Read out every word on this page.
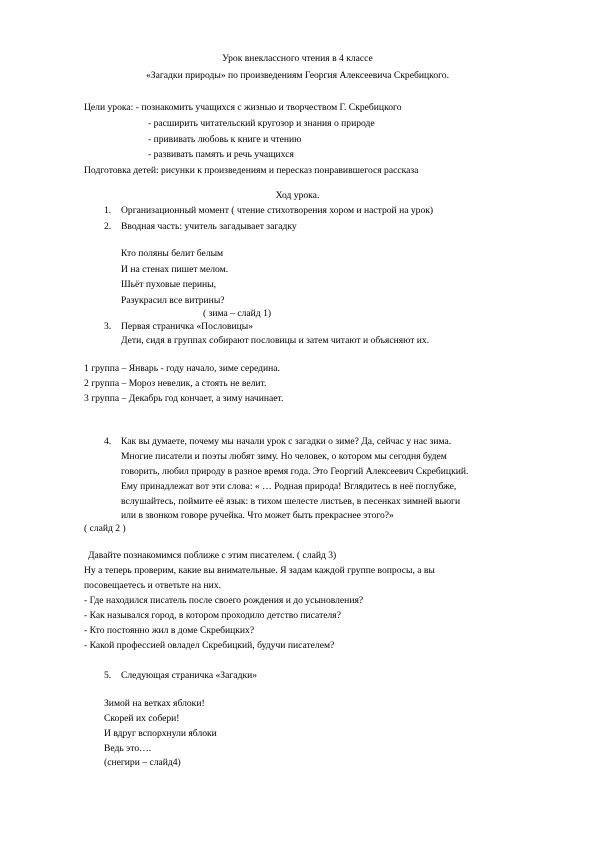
Урок внеклассного чтения в 4 классе
«Загадки природы» по произведениям Георгия Алексеевича Скребицкого.
Цели урока: - познакомить учащихся с жизнью и творчеством Г. Скребицкого
- расширить читательский кругозор и знания о природе
- прививать любовь к книге и чтению
- развивать память и речь учащихся
Подготовка детей: рисунки к произведениям и пересказ понравившегося рассказа
Ход урока.
1. Организационный момент ( чтение стихотворения хором и настрой на урок)
2. Вводная часть: учитель загадывает загадку
Кто поляны белит белым
И на стенах пишет мелом.
Шьёт пуховые перины,
Разукрасил все витрины?
( зима – слайд 1)
3. Первая страничка «Пословицы»
Дети, сидя в группах собирают пословицы и затем читают и объясняют их.
1 группа – Январь - году начало, зиме середина.
2 группа – Мороз невелик, а стоять не велит.
3 группа – Декабрь год кончает, а зиму начинает.
4. Как вы думаете, почему мы начали урок с загадки о зиме? Да, сейчас у нас зима.
Многие писатели и поэты любят зиму. Но человек, о котором мы сегодня будем
говорить, любил природу в разное время года. Это Георгий Алексеевич Скребицкий.
Ему принадлежат вот эти слова: « … Родная природа! Вглядитесь в неё поглубже,
вслушайтесь, поймите её язык: в тихом шелесте листьев, в песенках зимней вьюги
или в звонком говоре ручейка. Что может быть прекраснее этого?»
( слайд 2 )
Давайте познакомимся поближе с этим писателем. ( слайд 3)
Ну а теперь проверим, какие вы внимательные. Я задам каждой группе вопросы, а вы
посовещаетесь и ответьте на них.
- Где находился писатель после своего рождения и до усыновления?
- Как назывался город, в котором проходило детство писателя?
- Кто постоянно жил в доме Скребицких?
- Какой профессией овладел Скребицкий, будучи писателем?
5. Следующая страничка «Загадки»
Зимой на ветках яблоки!
Скорей их собери!
И вдруг вспорхнули яблоки
Ведь это….
(снегири – слайд4)
